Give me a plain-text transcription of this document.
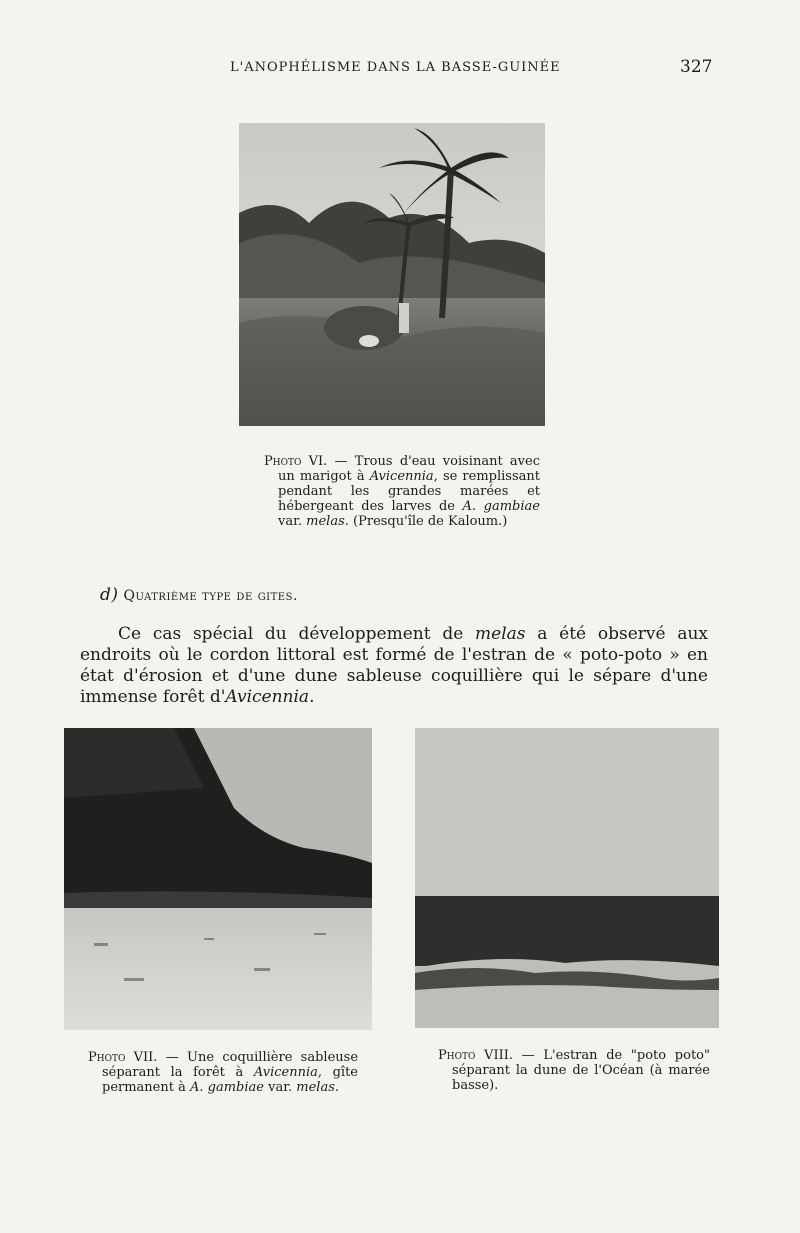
L'ANOPHÉLISME DANS LA BASSE-GUINÉE	327
Photo VI. — Trous d'eau voisinant avec un marigot à Avicennia, se remplissant pendant les grandes marées et hébergeant des larves de A. gambiae var. melas. (Presqu'île de Kaloum.)
d) Quatrième type de gites.
Ce cas spécial du développement de melas a été observé aux endroits où le cordon littoral est formé de l'estran de « poto-poto » en état d'érosion et d'une dune sableuse coquillière qui le sépare d'une immense forêt d'Avicennia.
Photo VII. — Une coquillière sableuse séparant la forêt à Avicennia, gîte permanent à A. gambiae var. melas.
Photo VIII. — L'estran de "poto poto" séparant la dune de l'Océan (à marée basse).
